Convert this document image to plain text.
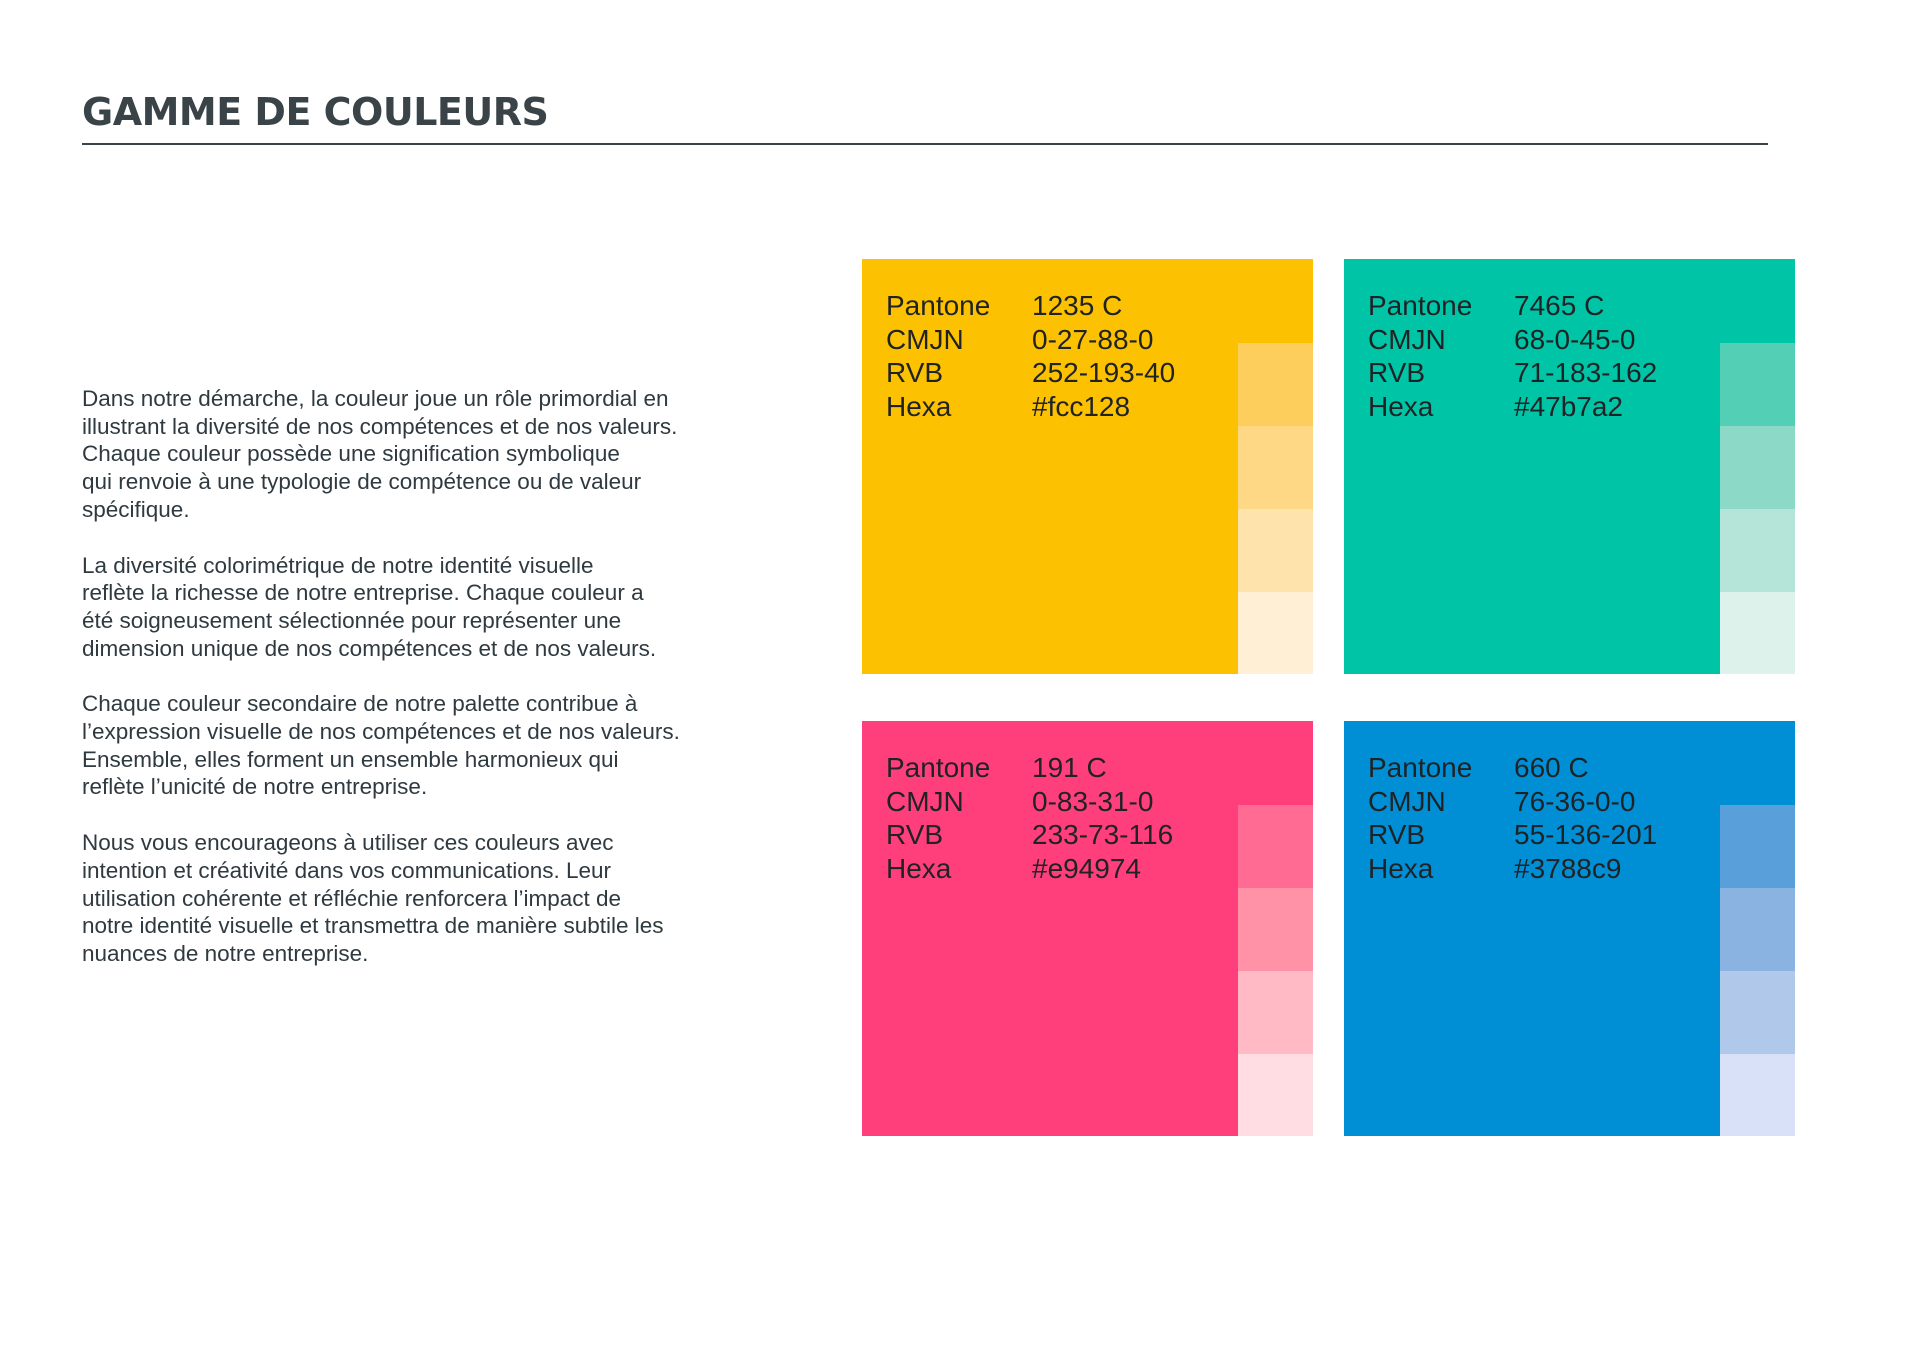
GAMME DE COULEURS

Dans notre démarche, la couleur joue un rôle primordial en
illustrant la diversité de nos compétences et de nos valeurs.
Chaque couleur possède une signification symbolique
qui renvoie à une typologie de compétence ou de valeur
spécifique.

La diversité colorimétrique de notre identité visuelle
reflète la richesse de notre entreprise. Chaque couleur a
été soigneusement sélectionnée pour représenter une
dimension unique de nos compétences et de nos valeurs.

Chaque couleur secondaire de notre palette contribue à
l’expression visuelle de nos compétences et de nos valeurs.
Ensemble, elles forment un ensemble harmonieux qui
reflète l’unicité de notre entreprise.

Nous vous encourageons à utiliser ces couleurs avec
intention et créativité dans vos communications. Leur
utilisation cohérente et réfléchie renforcera l’impact de
notre identité visuelle et transmettra de manière subtile les
nuances de notre entreprise.

Pantone	1235 C
CMJN	0-27-88-0
RVB	252-193-40
Hexa	#fcc128
Pantone	7465 C
CMJN	68-0-45-0
RVB	71-183-162
Hexa	#47b7a2
Pantone	191 C
CMJN	0-83-31-0
RVB	233-73-116
Hexa	#e94974
Pantone	660 C
CMJN	76-36-0-0
RVB	55-136-201
Hexa	#3788c9
